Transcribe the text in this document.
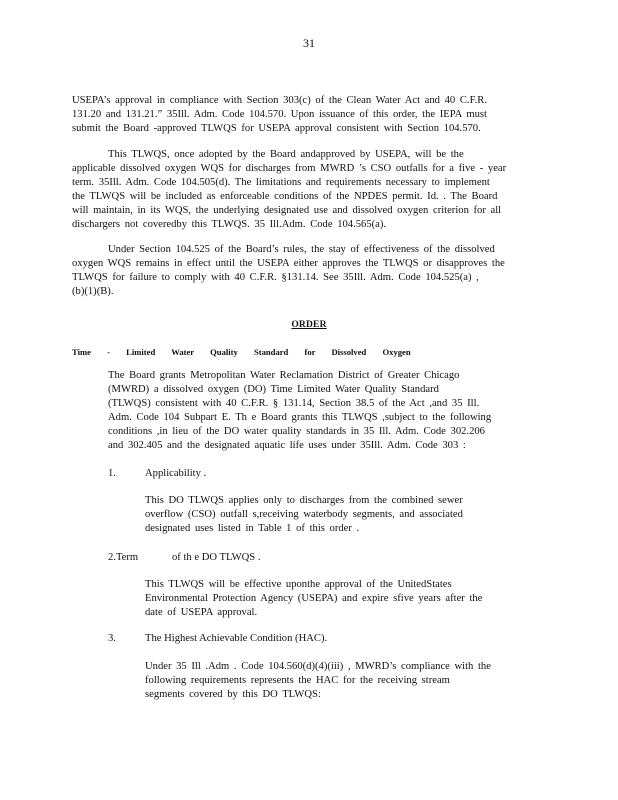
31
USEPA’s approval in compliance with Section 303(c) of the Clean Water Act and 40 C.F.R.
131.20 and 131.21.” 35Ill. Adm. Code 104.570. Upon issuance of this order, the IEPA must
submit the Board -approved TLWQS for USEPA approval consistent with Section 104.570.
This TLWQS, once adopted by the Board andapproved by USEPA, will be the
applicable dissolved oxygen WQS for discharges from MWRD ’s CSO outfalls for a five - year
term. 35Ill. Adm. Code 104.505(d). The limitations and requirements necessary to implement
the TLWQS will be included as enforceable conditions of the NPDES permit. Id. . The Board
will maintain, in its WQS, the underlying designated use and dissolved oxygen criterion for all
dischargers not coveredby this TLWQS. 35 Ill.Adm. Code 104.565(a).
Under Section 104.525 of the Board’s rules, the stay of effectiveness of the dissolved
oxygen WQS remains in effect until the USEPA either approves the TLWQS or disapproves the
TLWQS for failure to comply with 40 C.F.R. §131.14. See 35Ill. Adm. Code 104.525(a) ,
(b)(1)(B).
ORDER
Time - Limited Water Quality Standard for Dissolved Oxygen
The Board grants Metropolitan Water Reclamation District of Greater Chicago
(MWRD) a dissolved oxygen (DO) Time Limited Water Quality Standard
(TLWQS) consistent with 40 C.F.R. § 131.14, Section 38.5 of the Act ,and 35 Ill.
Adm. Code 104 Subpart E. Th e Board grants this TLWQS ,subject to the following
conditions ,in lieu of the DO water quality standards in 35 Ill. Adm. Code 302.206
and 302.405 and the designated aquatic life uses under 35Ill. Adm. Code 303 :
1.	Applicability .
This DO TLWQS applies only to discharges from the combined sewer
overflow (CSO) outfall s,receiving waterbody segments, and associated
designated uses listed in Table 1 of this order .
2.Term	of th e DO TLWQS .
This TLWQS will be effective uponthe approval of the UnitedStates
Environmental Protection Agency (USEPA) and expire sfive years after the
date of USEPA approval.
3.	The Highest Achievable Condition (HAC).
Under 35 Ill .Adm . Code 104.560(d)(4)(iii) , MWRD’s compliance with the
following requirements represents the HAC for the receiving stream
segments covered by this DO TLWQS:
